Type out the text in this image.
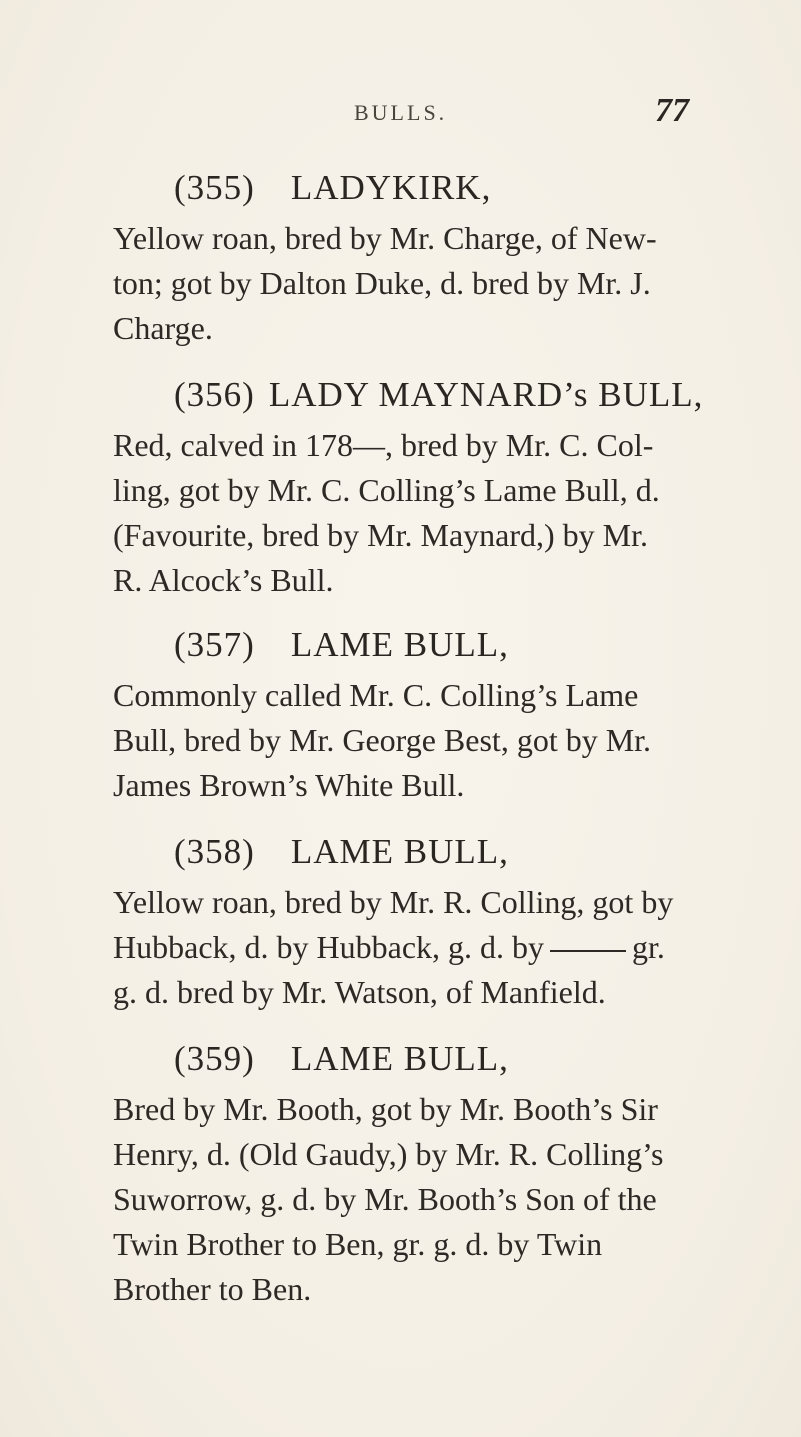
BULLS.	77
(355) LADYKIRK,
Yellow roan, bred by Mr. Charge, of New-
ton; got by Dalton Duke, d. bred by Mr. J.
Charge.
(356) LADY MAYNARD’s BULL,
Red, calved in 178—, bred by Mr. C. Col-
ling, got by Mr. C. Colling’s Lame Bull, d.
(Favourite, bred by Mr. Maynard,) by Mr.
R. Alcock’s Bull.
(357) LAME BULL,
Commonly called Mr. C. Colling’s Lame
Bull, bred by Mr. George Best, got by Mr.
James Brown’s White Bull.
(358) LAME BULL,
Yellow roan, bred by Mr. R. Colling, got by
Hubback, d. by Hubback, g. d. by	gr.
g. d. bred by Mr. Watson, of Manfield.
(359) LAME BULL,
Bred by Mr. Booth, got by Mr. Booth’s Sir
Henry, d. (Old Gaudy,) by Mr. R. Colling’s
Suworrow, g. d. by Mr. Booth’s Son of the
Twin Brother to Ben, gr. g. d. by Twin
Brother to Ben.
